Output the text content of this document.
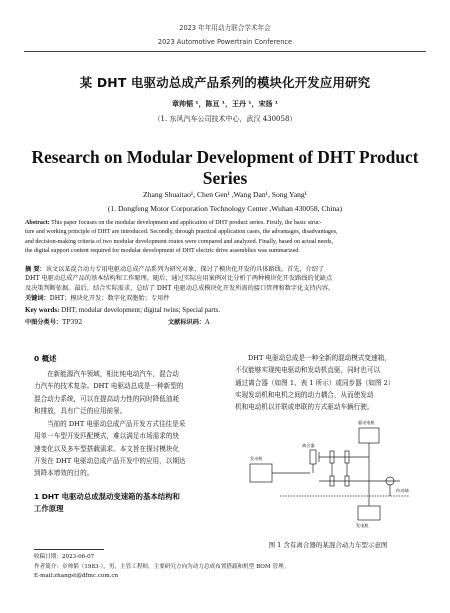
2023 年年用动力联合学术年会
2023 Automotive Powertrain Conference
某 DHT 电驱动总成产品系列的模块化开发应用研究
章帅韬 ¹，陈亘 ¹，王丹 ¹，宋扬 ¹
（1. 东风汽车公司技术中心，武汉 430058）
Research on Modular Development of DHT Product
Series
Zhang Shuaitao¹, Chen Gen¹ ,Wang Dan¹, Song Yang¹
(1. Dongfeng Motor Corporation Technology Center ,Wuhan 430058, China)
Abstract: This paper focuses on the modular development and application of DHT product series. Firstly, the basic struc-
ture and working principle of DHT are introduced. Secondly, through practical application cases, the advantages, disadvantages,
and decision-making criteria of two modular development routes were compared and analyzed. Finally, based on actual needs,
the digital support content required for modular development of DHT electric drive assemblies was summarized.
摘 要：该文以某混合动力专用电驱动总成产品系列为研究对象，探讨了模块化开发的具体路线。首先，介绍了
DHT 电驱动总成产品的基本结构和工作原理。随后，通过实际应用案例对比分析了两种模块化开发路线的优缺点
及决策判断依据。最后，结合实际需求，总结了 DHT 电驱动总成模块化开发所需的接口管理和数字化支持内容。
关键词：DHT；模块化开发；数字化双胞胎；专用件
Key words: DHT; modular development; digital twins; Special parts.
中图分类号：TP392	文献标识码：A
0 概述
在新能源汽车领域，相比纯电动汽车，混合动
力汽车的技术复杂。DHT 电驱动总成是一种新型的
混合动力系统，可以在提高动力性的同时降低油耗
和排放，具有广泛的应用前景。
当前的 DHT 电驱动总成产品开发方式往往是采
用单一车型开发匹配模式，难以满足市场需求的快
速变化以及多车型搭载需求。本文旨在探讨模块化
开发在 DHT 电驱动总成产品开发中的应用，以期达
到降本增效的目的。
1 DHT 电驱动总成混动变速箱的基本结构和
工作原理
DHT 电驱动总成是一种全新的混动模式变速箱，
不仅能够实现纯电驱动和发动机直驱，同时也可以
通过离合器（如图 1、表 1 所示）或同步器（如图 2）
实现发动机和电机之间的动力耦合，从而使发动
机和电动机以并联或串联的方式驱动车辆行驶。
驱动电机
离合器
发动机
传动轴
发电机
图 1 含有离合器的某混合动力车型示意图
收稿日期：2023-06-07
作者简介：章帅韬（1983-），男，主管工程师，主要研究方向为动力总成布置搭载和机型 BOM 管理。
E-mail:zhangst@dfmc.com.cn
